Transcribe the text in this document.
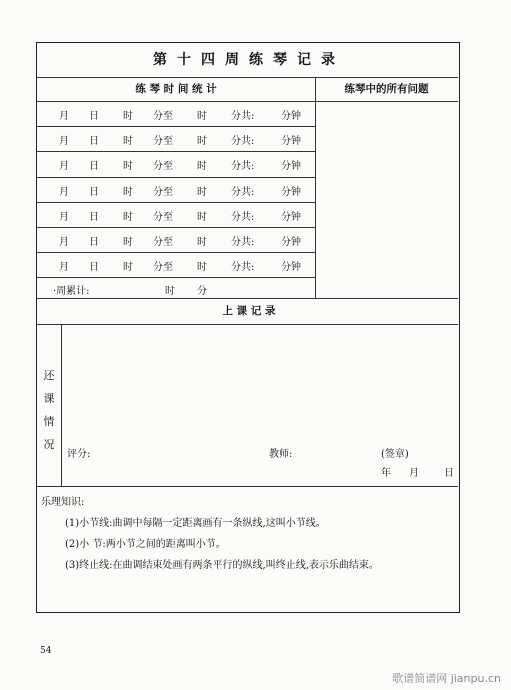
第十四周练琴记录
练 琴 时 间 统 计	练琴中的所有问题
月 日 时 分至 时 分共:	分钟
月 日 时 分至 时 分共:	分钟
月 日 时 分至 时 分共:	分钟
月 日 时 分至 时 分共:	分钟
月 日 时 分至 时 分共:	分钟
月 日 时 分至 时 分共:	分钟
月 日 时 分至 时 分共:	分钟
·周累计:	时 分
上 课 记 录
还
课
情
况
评分:	教师:	(签章)
年 月	日
乐理知识:
(1)小节线:曲调中每隔一定距离画有一条纵线,这叫小节线。
(2)小 节:两小节之间的距离叫小节。
(3)终止线:在曲调结束处画有两条平行的纵线,叫终止线,表示乐曲结束。
54
歌谱简谱网 jianpu.cn
